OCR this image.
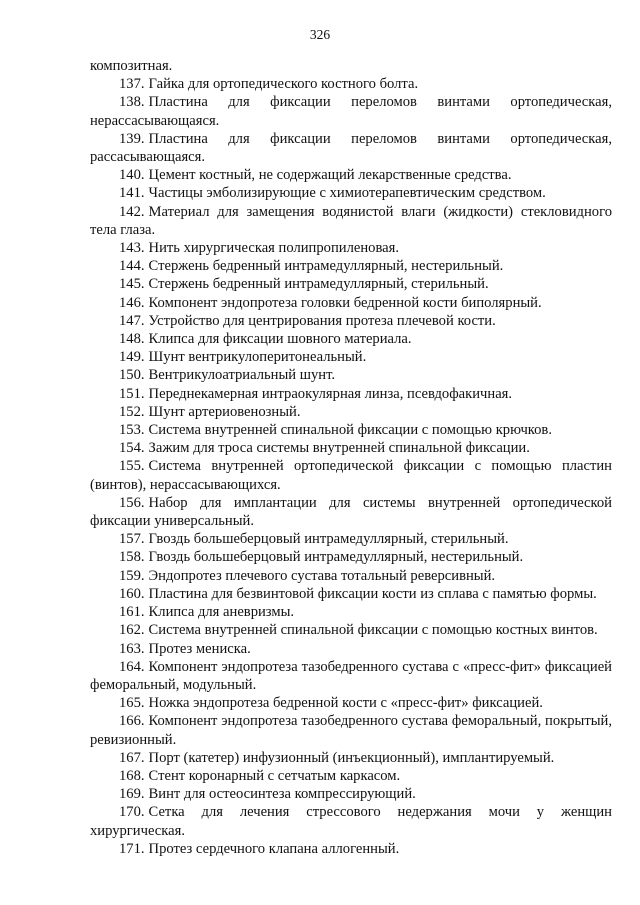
326

композитная.

137. Гайка для ортопедического костного болта.

138. Пластина для фиксации переломов винтами ортопедическая, нерассасывающаяся.

139. Пластина для фиксации переломов винтами ортопедическая, рассасывающаяся.

140. Цемент костный, не содержащий лекарственные средства.

141. Частицы эмболизирующие с химиотерапевтическим средством.

142. Материал для замещения водянистой влаги (жидкости) стекловидного тела глаза.

143. Нить хирургическая полипропиленовая.

144. Стержень бедренный интрамедуллярный, нестерильный.

145. Стержень бедренный интрамедуллярный, стерильный.

146. Компонент эндопротеза головки бедренной кости биполярный.

147. Устройство для центрирования протеза плечевой кости.

148. Клипса для фиксации шовного материала.

149. Шунт вентрикулоперитонеальный.

150. Вентрикулоатриальный шунт.

151. Переднекамерная интраокулярная линза, псевдофакичная.

152. Шунт артериовенозный.

153. Система внутренней спинальной фиксации с помощью крючков.

154. Зажим для троса системы внутренней спинальной фиксации.

155. Система внутренней ортопедической фиксации с помощью пластин (винтов), нерассасывающихся.

156. Набор для имплантации для системы внутренней ортопедической фиксации универсальный.

157. Гвоздь большеберцовый интрамедуллярный, стерильный.

158. Гвоздь большеберцовый интрамедуллярный, нестерильный.

159. Эндопротез плечевого сустава тотальный реверсивный.

160. Пластина для безвинтовой фиксации кости из сплава с памятью формы.

161. Клипса для аневризмы.

162. Система внутренней спинальной фиксации с помощью костных винтов.

163. Протез мениска.

164. Компонент эндопротеза тазобедренного сустава с «пресс-фит» фиксацией феморальный, модульный.

165. Ножка эндопротеза бедренной кости с «пресс-фит» фиксацией.

166. Компонент эндопротеза тазобедренного сустава феморальный, покрытый, ревизионный.

167. Порт (катетер) инфузионный (инъекционный), имплантируемый.

168. Стент коронарный с сетчатым каркасом.

169. Винт для остеосинтеза компрессирующий.

170. Сетка для лечения стрессового недержания мочи у женщин хирургическая.

171. Протез сердечного клапана аллогенный.
